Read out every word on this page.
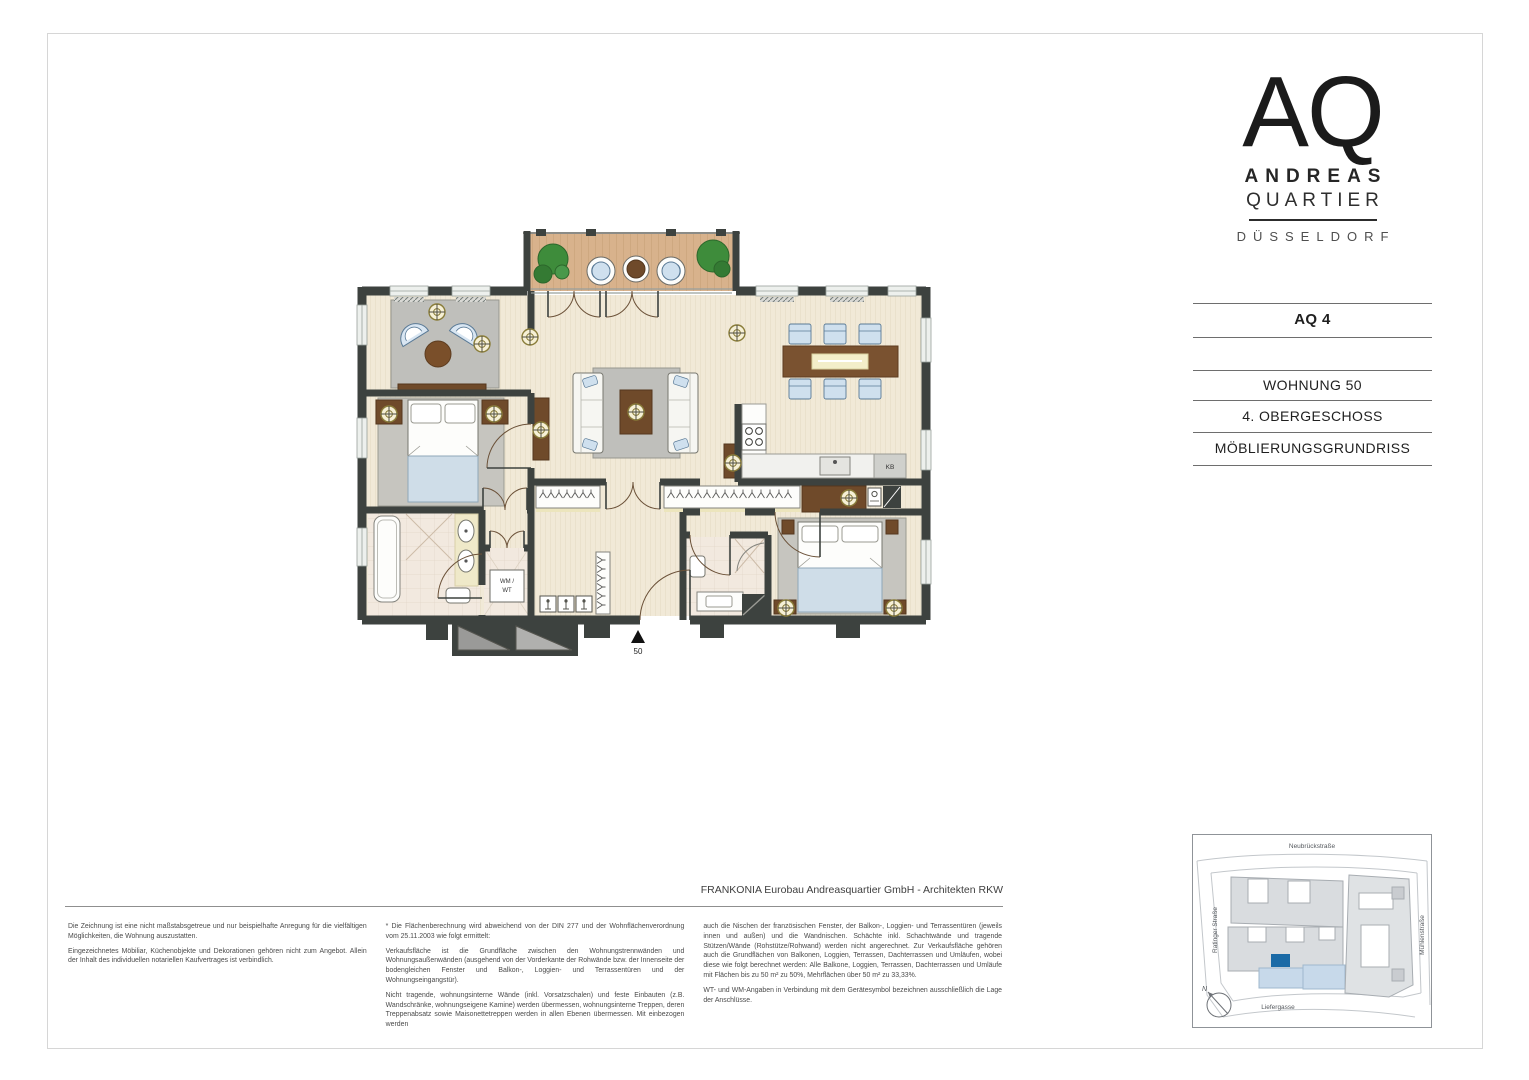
KB
WM /
WT
50
AQ
ANDREAS
QUARTIER
DÜSSELDORF
AQ 4
WOHNUNG 50
4. OBERGESCHOSS
MÖBLIERUNGSGRUNDRISS
FRANKONIA Eurobau Andreasquartier GmbH - Architekten RKW

Die Zeichnung ist eine nicht maßstabsgetreue und nur beispielhafte Anregung für die vielfältigen Möglichkeiten, die Wohnung auszustatten.

Eingezeichnetes Möbiliar, Küchenobjekte und Dekorationen gehören nicht zum Angebot. Allein der Inhalt des individuellen notariellen Kaufvertrages ist verbindlich.

* Die Flächenberechnung wird abweichend von der DIN 277 und der Wohnflächenverordnung vom 25.11.2003 wie folgt ermittelt:

Verkaufsfläche ist die Grundfläche zwischen den Wohnungstrennwänden und Wohnungsaußenwänden (ausgehend von der Vorderkante der Rohwände bzw. der Innenseite der bodengleichen Fenster und Balkon-, Loggien- und Terrassentüren und der Wohnungseingangstür).

Nicht tragende, wohnungsinterne Wände (inkl. Vorsatzschalen) und feste Einbauten (z.B. Wandschränke, wohnungseigene Kamine) werden übermessen, wohnungsinterne Treppen, deren Treppenabsatz sowie Maisonettetreppen werden in allen Ebenen übermessen. Mit einbezogen werden

auch die Nischen der französischen Fenster, der Balkon-, Loggien- und Terrassentüren (jeweils innen und außen) und die Wandnischen. Schächte inkl. Schachtwände und tragende Stützen/Wände (Rohstütze/Rohwand) werden nicht angerechnet. Zur Verkaufsfläche gehören auch die Grundflächen von Balkonen, Loggien, Terrassen, Dachterrassen und Umläufen, wobei diese wie folgt berechnet werden: Alle Balkone, Loggien, Terrassen, Dachterrassen und Umläufe mit Flächen bis zu 50 m² zu 50%, Mehrflächen über 50 m² zu 33,33%.

WT- und WM-Angaben in Verbindung mit dem Gerätesymbol bezeichnen ausschließlich die Lage der Anschlüsse.

Neubrückstraße
Ratinger Straße	Mühlenstraße
Liefergasse
N
